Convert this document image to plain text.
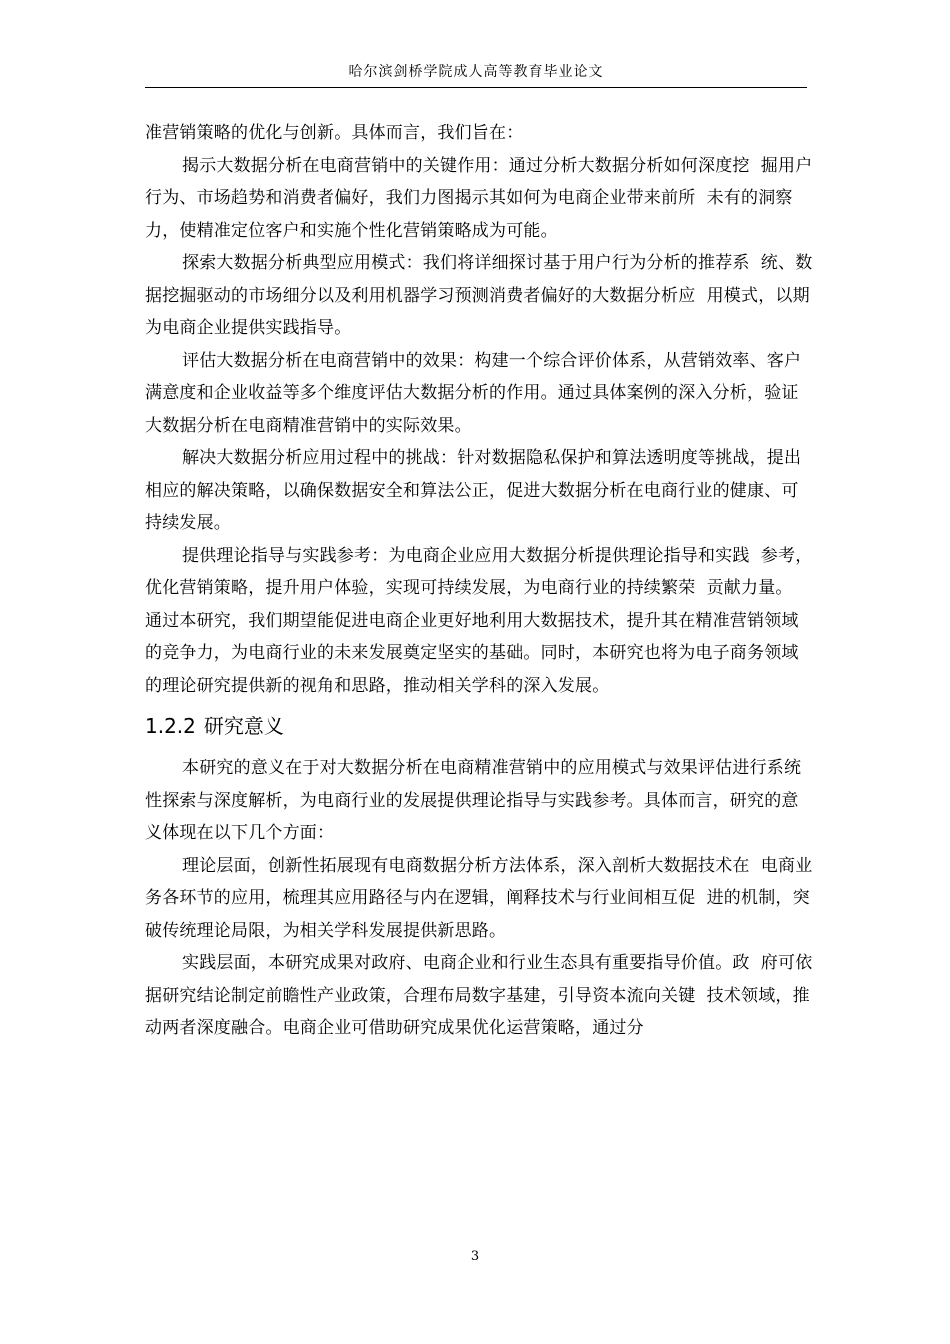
哈尔滨剑桥学院成人高等教育毕业论文

准营销策略的优化与创新。具体而言，我们旨在：

揭示大数据分析在电商营销中的关键作用：通过分析大数据分析如何深度挖  掘用户行为、市场趋势和消费者偏好，我们力图揭示其如何为电商企业带来前所  未有的洞察力，使精准定位客户和实施个性化营销策略成为可能。

探索大数据分析典型应用模式：我们将详细探讨基于用户行为分析的推荐系  统、数据挖掘驱动的市场细分以及利用机器学习预测消费者偏好的大数据分析应  用模式，以期为电商企业提供实践指导。

评估大数据分析在电商营销中的效果：构建一个综合评价体系，从营销效率、客户满意度和企业收益等多个维度评估大数据分析的作用。通过具体案例的深入分析，验证大数据分析在电商精准营销中的实际效果。

解决大数据分析应用过程中的挑战：针对数据隐私保护和算法透明度等挑战，提出相应的解决策略，以确保数据安全和算法公正，促进大数据分析在电商行业的健康、可持续发展。

提供理论指导与实践参考：为电商企业应用大数据分析提供理论指导和实践  参考，优化营销策略，提升用户体验，实现可持续发展，为电商行业的持续繁荣  贡献力量。

通过本研究，我们期望能促进电商企业更好地利用大数据技术，提升其在精准营销领域的竞争力，为电商行业的未来发展奠定坚实的基础。同时，本研究也将为电子商务领域的理论研究提供新的视角和思路，推动相关学科的深入发展。

1.2.2 研究意义

本研究的意义在于对大数据分析在电商精准营销中的应用模式与效果评估进行系统性探索与深度解析，为电商行业的发展提供理论指导与实践参考。具体而言，研究的意义体现在以下几个方面：

理论层面，创新性拓展现有电商数据分析方法体系，深入剖析大数据技术在  电商业务各环节的应用，梳理其应用路径与内在逻辑，阐释技术与行业间相互促  进的机制，突破传统理论局限，为相关学科发展提供新思路。

实践层面，本研究成果对政府、电商企业和行业生态具有重要指导价值。政  府可依据研究结论制定前瞻性产业政策，合理布局数字基建，引导资本流向关键  技术领域，推动两者深度融合。电商企业可借助研究成果优化运营策略，通过分

3
